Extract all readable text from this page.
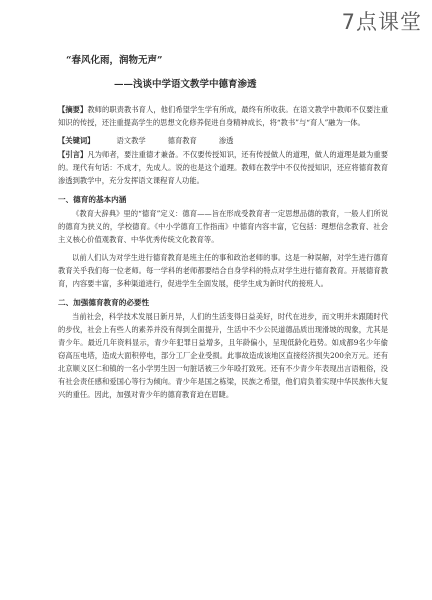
7点课堂
“春风化雨，润物无声”
——浅谈中学语文教学中德育渗透
【摘要】教师的职责教书育人，他们希望学生学有所成，最终有所收获。在语文教学中教师不仅要注重知识的传授，还注重提高学生的思想文化修养促进自身精神成长，将“教书”与“育人”融为一体。
【关键词】	语文教学	德育教育	渗透
【引言】凡为师者，要注重德才兼备。不仅要传授知识，还有传授做人的道理，做人的道理是最为重要的。现代有句话：不成才，先成人。说的也是这个道理。教师在教学中不仅传授知识，还应将德育教育渗透到教学中，充分发挥语文课程育人功能。
一、德育的基本内涵
《教育大辞典》里的“德育”定义：德育——旨在形成受教育者一定思想品德的教育，一般人们所说的德育为狭义的，学校德育。《中小学德育工作指南》中德育内容丰富，它包括：理想信念教育、社会主义核心价值观教育、中华优秀传统文化教育等。
以前人们认为对学生进行德育教育是班主任的事和政治老师的事。这是一种误解，对学生进行德育教育关乎我们每一位老师。每一学科的老师都要结合自身学科的特点对学生进行德育教育。开展德育教育，内容要丰富，多种渠道进行，促进学生全面发展，使学生成为新时代的接班人。
二、加强德育教育的必要性
当前社会，科学技术发展日新月异，人们的生活变得日益美好，时代在进步，而文明并未跟随时代的步伐，社会上有些人的素养并没有得到全面提升，生活中不少公民道德品质出现滑坡的现象，尤其是青少年。最近几年资料显示，青少年犯罪日益增多，且年龄偏小，呈现低龄化趋势。如成都9名少年偷窃高压电塔，造成大面积停电，部分工厂企业受损。此事故造成该地区直接经济损失200余万元。还有北京顺义区仁和镇的一名小学男生因一句脏话被三少年殴打致死。还有不少青少年表现出言语粗俗，没有社会责任感和爱国心等行为倾向。青少年是国之栋梁，民族之希望，他们肩负着实现中华民族伟大复兴的重任。因此，加强对青少年的德育教育迫在眉睫。
